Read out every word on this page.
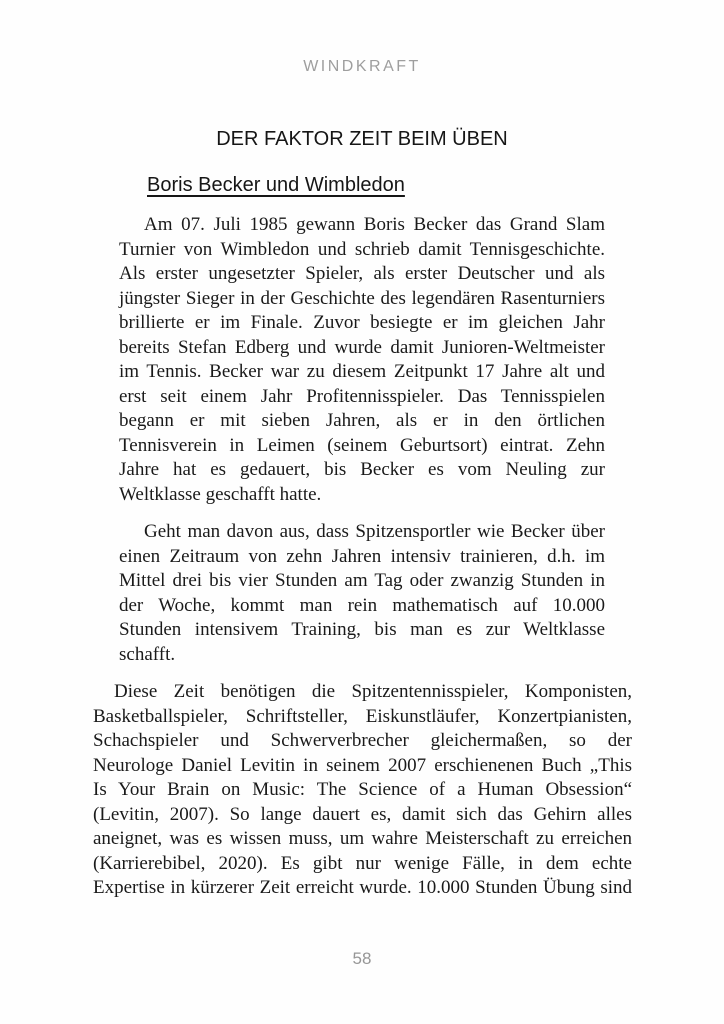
WINDKRAFT
DER FAKTOR ZEIT BEIM ÜBEN
Boris Becker und Wimbledon
Am 07. Juli 1985 gewann Boris Becker das Grand Slam
Turnier von Wimbledon und schrieb damit Tennisgeschichte.
Als erster ungesetzter Spieler, als erster Deutscher und als
jüngster Sieger in der Geschichte des legendären Rasenturniers
brillierte er im Finale. Zuvor besiegte er im gleichen Jahr
bereits Stefan Edberg und wurde damit Junioren-Weltmeister
im Tennis. Becker war zu diesem Zeitpunkt 17 Jahre alt und
erst seit einem Jahr Profitennisspieler. Das Tennisspielen
begann er mit sieben Jahren, als er in den örtlichen
Tennisverein in Leimen (seinem Geburtsort) eintrat. Zehn
Jahre hat es gedauert, bis Becker es vom Neuling zur
Weltklasse geschafft hatte.
Geht man davon aus, dass Spitzensportler wie Becker über
einen Zeitraum von zehn Jahren intensiv trainieren, d.h. im
Mittel drei bis vier Stunden am Tag oder zwanzig Stunden in
der Woche, kommt man rein mathematisch auf 10.000
Stunden intensivem Training, bis man es zur Weltklasse
schafft.
Diese Zeit benötigen die Spitzentennisspieler, Komponisten,
Basketballspieler, Schriftsteller, Eiskunstläufer, Konzertpianisten,
Schachspieler und Schwerverbrecher gleichermaßen, so der
Neurologe Daniel Levitin in seinem 2007 erschienenen Buch „This
Is Your Brain on Music: The Science of a Human Obsession“
(Levitin, 2007). So lange dauert es, damit sich das Gehirn alles
aneignet, was es wissen muss, um wahre Meisterschaft zu erreichen
(Karrierebibel, 2020). Es gibt nur wenige Fälle, in dem echte
Expertise in kürzerer Zeit erreicht wurde. 10.000 Stunden Übung sind
58
